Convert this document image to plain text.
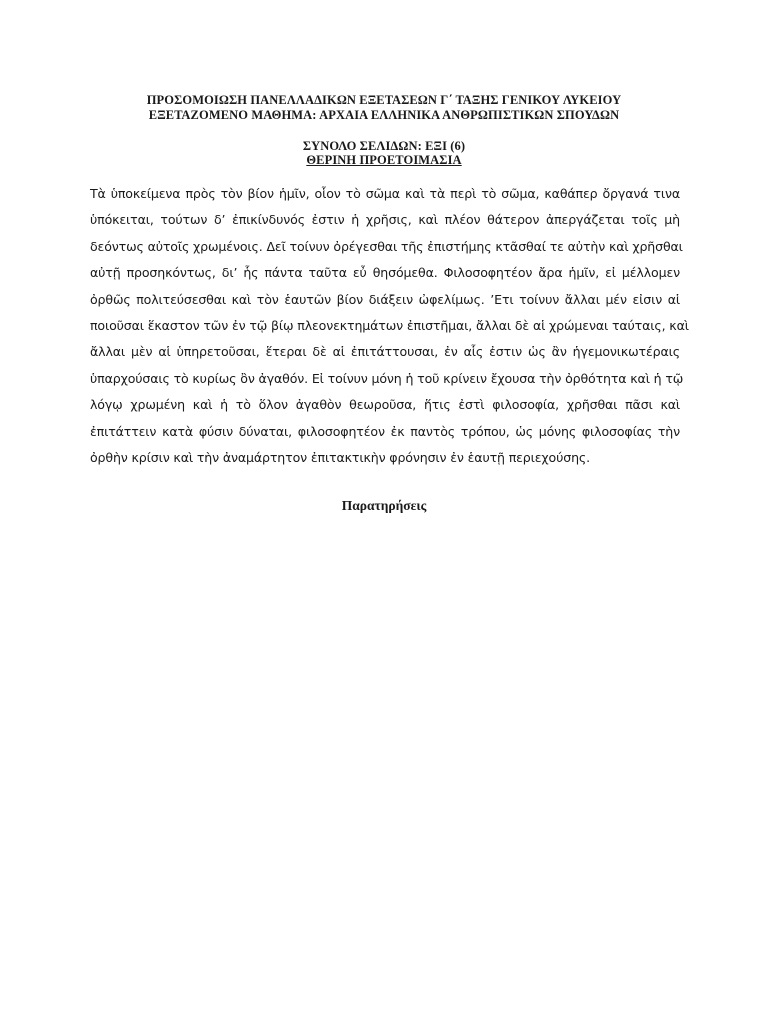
ΠΡΟΣΟΜΟΙΩΣΗ ΠΑΝΕΛΛΑΔΙΚΩΝ ΕΞΕΤΑΣΕΩΝ Γ΄ ΤΑΞΗΣ ΓΕΝΙΚΟΥ ΛΥΚΕΙΟΥ
ΕΞΕΤΑΖΟΜΕΝΟ ΜΑΘΗΜΑ: ΑΡΧΑΙΑ ΕΛΛΗΝΙΚΑ ΑΝΘΡΩΠΙΣΤΙΚΩΝ ΣΠΟΥΔΩΝ
ΣΥΝΟΛΟ ΣΕΛΙΔΩΝ: ΕΞΙ (6)
ΘΕΡΙΝΗ ΠΡΟΕΤΟΙΜΑΣΙΑ
Τὰ ὑποκείμενα πρὸς τὸν βίον ἡμῖν, οἷον τὸ σῶμα καὶ τὰ περὶ τὸ σῶμα, καθάπερ ὄργανά τινα
ὑπόκειται, τούτων δ’ ἐπικίνδυνός ἐστιν ἡ χρῆσις, καὶ πλέον θάτερον ἀπεργάζεται τοῖς μὴ
δεόντως αὐτοῖς χρωμένοις. Δεῖ τοίνυν ὀρέγεσθαι τῆς ἐπιστήμης κτᾶσθαί τε αὐτὴν καὶ χρῆσθαι
αὐτῇ προσηκόντως, δι’ ἧς πάντα ταῦτα εὖ θησόμεθα. Φιλοσοφητέον ἄρα ἡμῖν, εἰ μέλλομεν
ὀρθῶς πολιτεύσεσθαι καὶ τὸν ἑαυτῶν βίον διάξειν ὠφελίμως. ’Ετι τοίνυν ἄλλαι μέν εἰσιν αἱ
ποιοῦσαι ἕκαστον τῶν ἐν τῷ βίῳ πλεονεκτημάτων ἐπιστῆμαι, ἄλλαι δὲ αἱ χρώμεναι ταύταις, καὶ
ἄλλαι μὲν αἱ ὑπηρετοῦσαι, ἕτεραι δὲ αἱ ἐπιτάττουσαι, ἐν αἷς ἐστιν ὡς ἂν ἡγεμονικωτέραις
ὑπαρχούσαις τὸ κυρίως ὂν ἀγαθόν. Εἰ τοίνυν μόνη ἡ τοῦ κρίνειν ἔχουσα τὴν ὀρθότητα καὶ ἡ τῷ
λόγῳ χρωμένη καὶ ἡ τὸ ὅλον ἀγαθὸν θεωροῦσα, ἥτις ἐστὶ φιλοσοφία, χρῆσθαι πᾶσι καὶ
ἐπιτάττειν κατὰ φύσιν δύναται, φιλοσοφητέον ἐκ παντὸς τρόπου, ὡς μόνης φιλοσοφίας τὴν
ὀρθὴν κρίσιν καὶ τὴν ἀναμάρτητον ἐπιτακτικὴν φρόνησιν ἐν ἑαυτῇ περιεχούσης.
Παρατηρήσεις
